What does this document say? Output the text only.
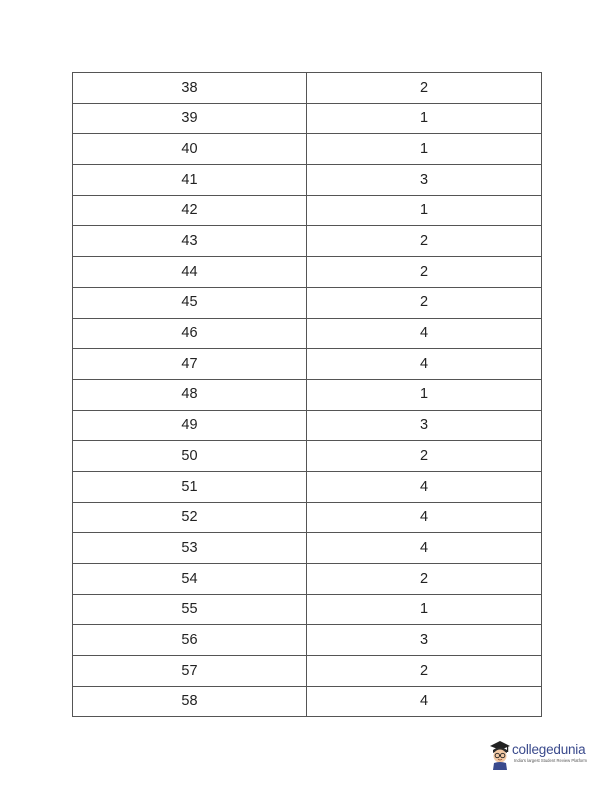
38	2
39	1
40	1
41	3
42	1
43	2
44	2
45	2
46	4
47	4
48	1
49	3
50	2
51	4
52	4
53	4
54	2
55	1
56	3
57	2
58	4
collegedunia
India's largest Student Review Platform
